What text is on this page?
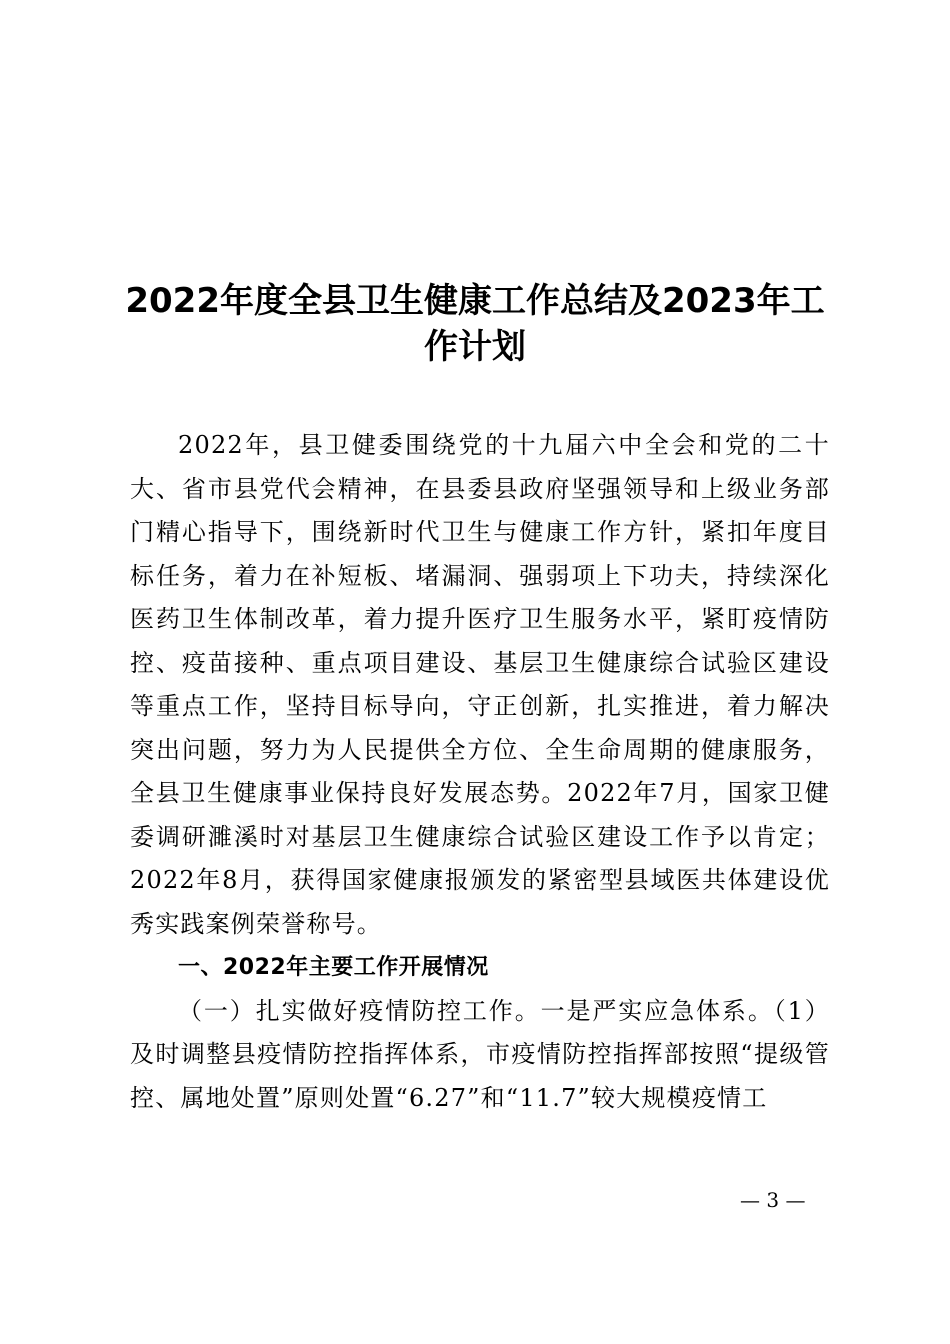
2022年度全县卫生健康工作总结及2023年工
作计划

2022年，县卫健委围绕党的十九届六中全会和党的二十大、省市县党代会精神，在县委县政府坚强领导和上级业务部门精心指导下，围绕新时代卫生与健康工作方针，紧扣年度目标任务，着力在补短板、堵漏洞、强弱项上下功夫，持续深化医药卫生体制改革，着力提升医疗卫生服务水平，紧盯疫情防控、疫苗接种、重点项目建设、基层卫生健康综合试验区建设等重点工作，坚持目标导向，守正创新，扎实推进，着力解决突出问题，努力为人民提供全方位、全生命周期的健康服务，全县卫生健康事业保持良好发展态势。2022年7月，国家卫健委调研濉溪时对基层卫生健康综合试验区建设工作予以肯定；2022年8月，获得国家健康报颁发的紧密型县域医共体建设优秀实践案例荣誉称号。

一、2022年主要工作开展情况

（一）扎实做好疫情防控工作。一是严实应急体系。（1）及时调整县疫情防控指挥体系，市疫情防控指挥部按照“提级管控、属地处置”原则处置“6.27”和“11.7”较大规模疫情工

— 3 —
